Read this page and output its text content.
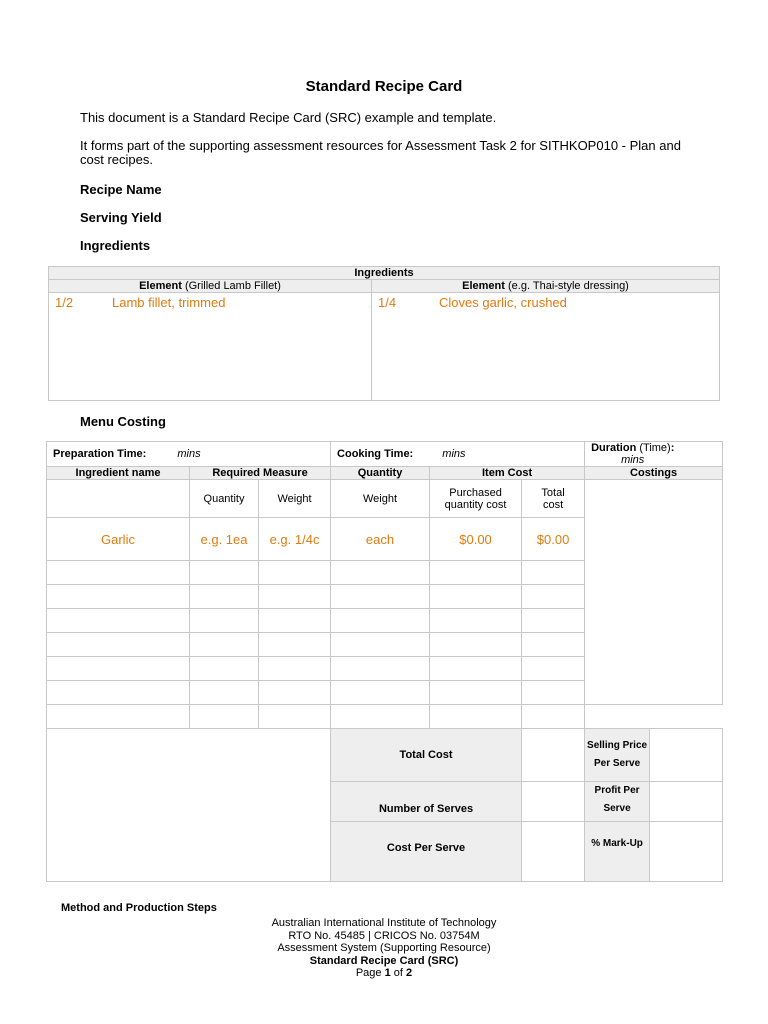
Standard Recipe Card
This document is a Standard Recipe Card (SRC) example and template.
It forms part of the supporting assessment resources for Assessment Task 2 for SITHKOP010 - Plan and cost recipes.
Recipe Name
Serving Yield
Ingredients
Ingredients	
Element (Grilled Lamb Fillet)	Element (e.g. Thai-style dressing)

1/2 Lamb fillet, trimmed	1/4 Cloves garlic, crushed
Menu Costing
Preparation Time: mins			Cooking Time: mins			Duration (Time): mins	
Ingredient name	Required Measure		Quantity	Item Cost		Costings	
	Quantity	Weight	Weight	Purchased quantity cost	Total cost		
Garlic	e.g. 1ea	e.g. 1/4c	each	$0.00	$0.00		

			Total Cost			Selling Price Per Serve	
			Number of Serves			Profit Per Serve	
			Cost Per Serve			% Mark-Up	
Method and Production Steps
Australian International Institute of Technology
RTO No. 45485 | CRICOS No. 03754M
Assessment System (Supporting Resource)
Standard Recipe Card (SRC)
Page 1 of 2
